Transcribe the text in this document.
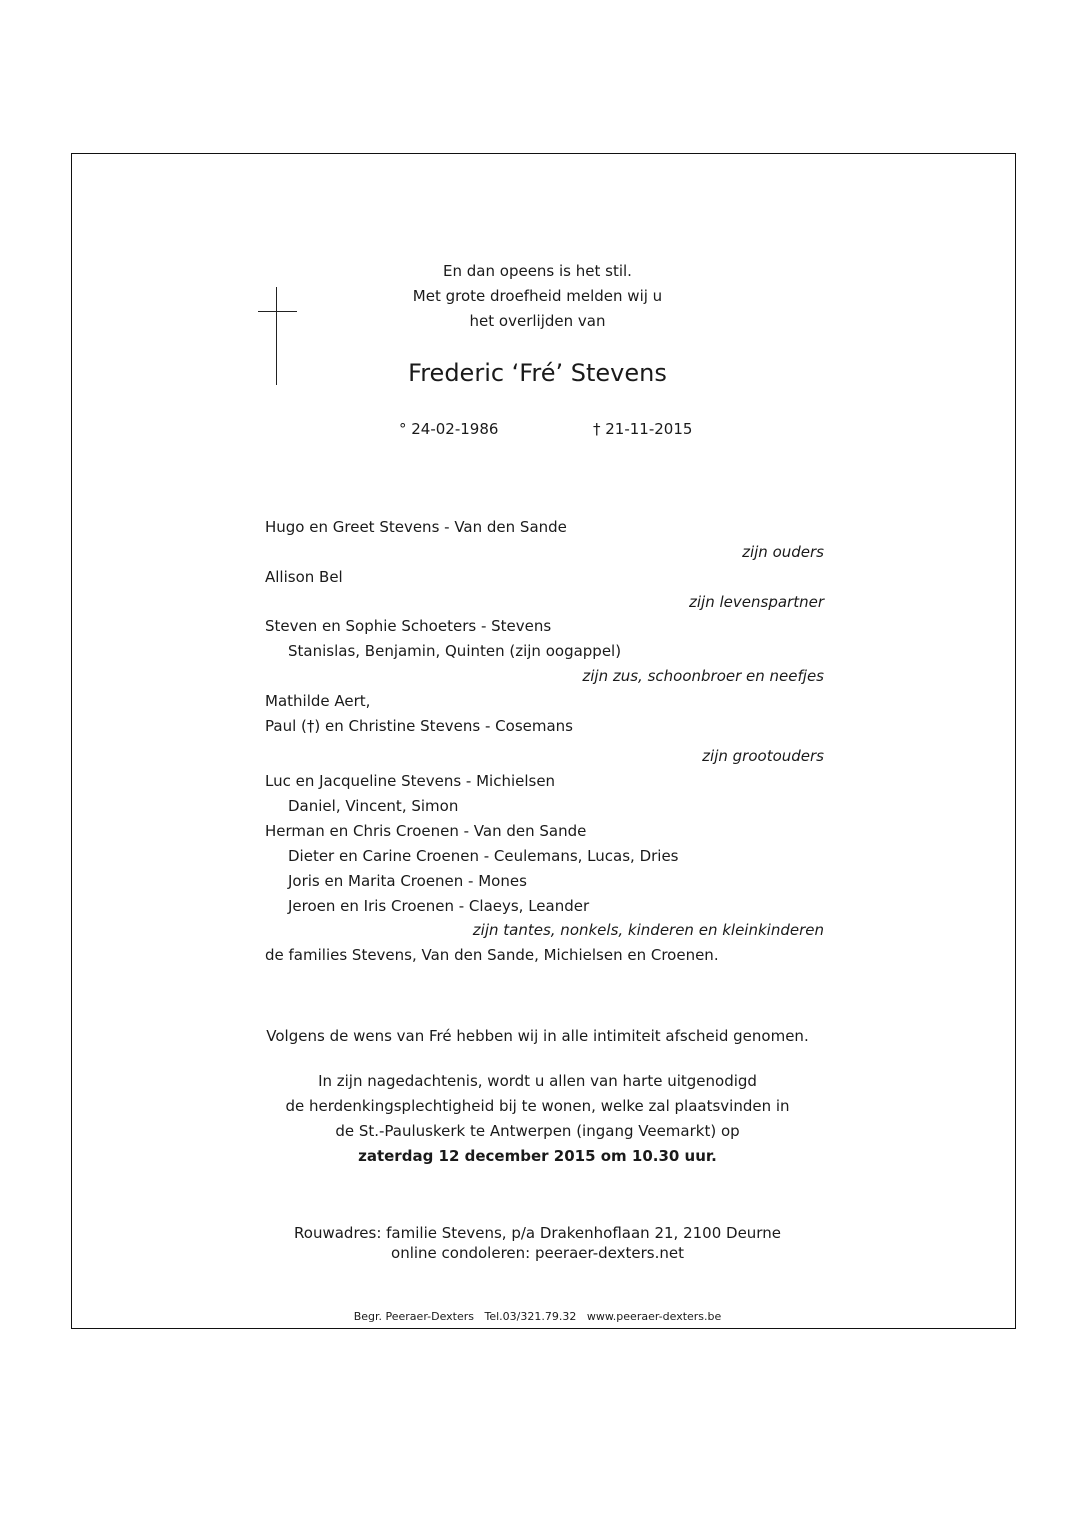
En dan opeens is het stil.
Met grote droefheid melden wij u
het overlijden van
Frederic ‘Fré’ Stevens
° 24-02-1986	† 21-11-2015
Hugo en Greet Stevens - Van den Sande
zijn ouders
Allison Bel
zijn levenspartner
Steven en Sophie Schoeters - Stevens
Stanislas, Benjamin, Quinten (zijn oogappel)
zijn zus, schoonbroer en neefjes
Mathilde Aert,
Paul (†) en Christine Stevens - Cosemans
zijn grootouders
Luc en Jacqueline Stevens - Michielsen
Daniel, Vincent, Simon
Herman en Chris Croenen - Van den Sande
Dieter en Carine Croenen - Ceulemans, Lucas, Dries
Joris en Marita Croenen - Mones
Jeroen en Iris Croenen - Claeys, Leander
zijn tantes, nonkels, kinderen en kleinkinderen
de families Stevens, Van den Sande, Michielsen en Croenen.
Volgens de wens van Fré hebben wij in alle intimiteit afscheid genomen.
In zijn nagedachtenis, wordt u allen van harte uitgenodigd
de herdenkingsplechtigheid bij te wonen, welke zal plaatsvinden in
de St.-Pauluskerk te Antwerpen (ingang Veemarkt) op
zaterdag 12 december 2015 om 10.30 uur.
Rouwadres: familie Stevens, p/a Drakenhoflaan 21, 2100 Deurne
online condoleren: peeraer-dexters.net
Begr. Peeraer-Dexters   Tel.03/321.79.32   www.peeraer-dexters.be
